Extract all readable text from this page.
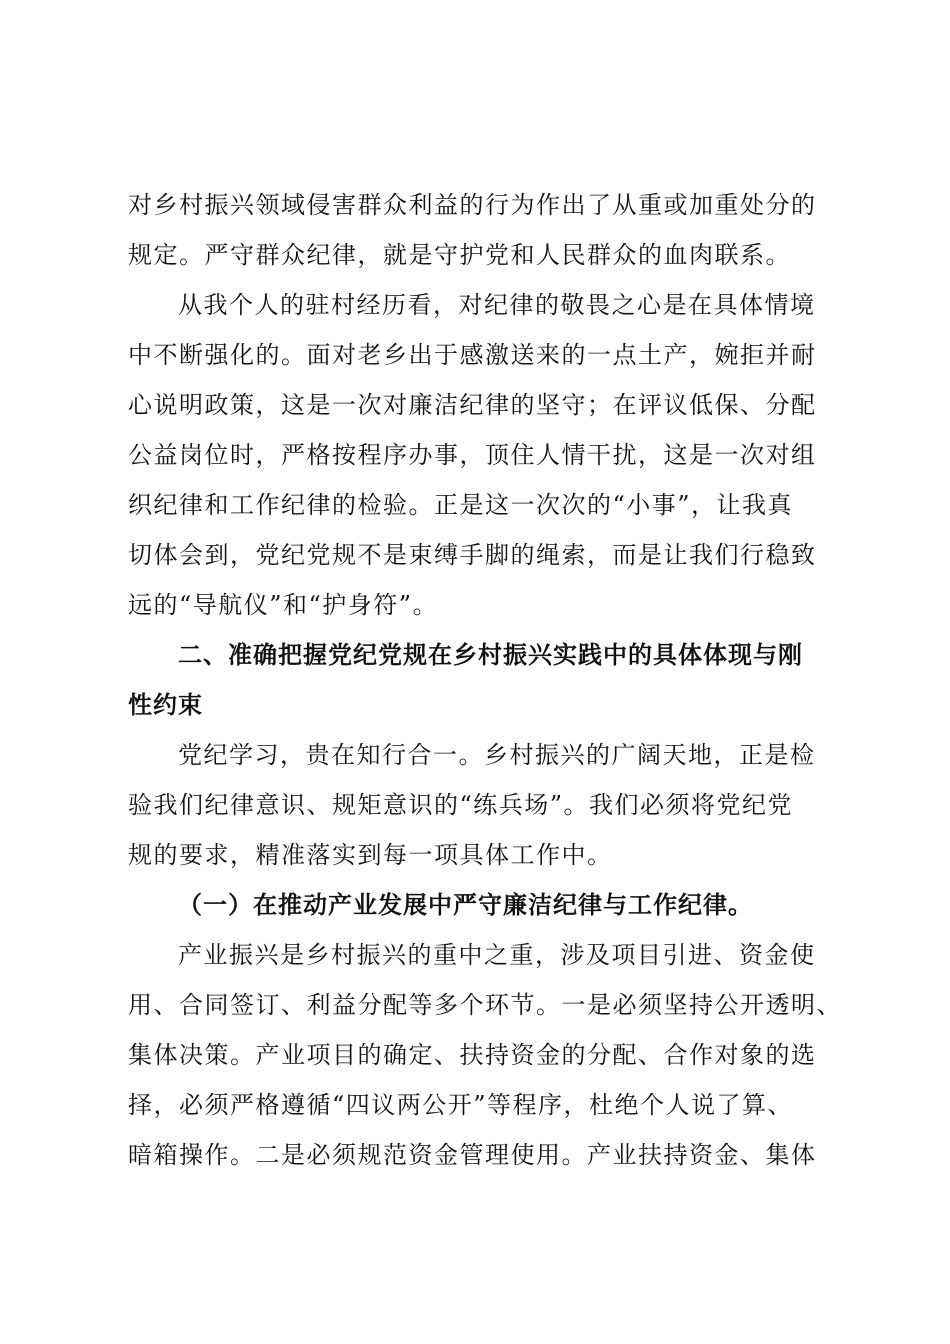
对乡村振兴领域侵害群众利益的行为作出了从重或加重处分的
规定。严守群众纪律，就是守护党和人民群众的血肉联系。
从我个人的驻村经历看，对纪律的敬畏之心是在具体情境
中不断强化的。面对老乡出于感激送来的一点土产，婉拒并耐
心说明政策，这是一次对廉洁纪律的坚守；在评议低保、分配
公益岗位时，严格按程序办事，顶住人情干扰，这是一次对组
织纪律和工作纪律的检验。正是这一次次的“小事”，让我真
切体会到，党纪党规不是束缚手脚的绳索，而是让我们行稳致
远的“导航仪”和“护身符”。
二、准确把握党纪党规在乡村振兴实践中的具体体现与刚
性约束
党纪学习，贵在知行合一。乡村振兴的广阔天地，正是检
验我们纪律意识、规矩意识的“练兵场”。我们必须将党纪党
规的要求，精准落实到每一项具体工作中。
（一）在推动产业发展中严守廉洁纪律与工作纪律。
产业振兴是乡村振兴的重中之重，涉及项目引进、资金使
用、合同签订、利益分配等多个环节。一是必须坚持公开透明、
集体决策。产业项目的确定、扶持资金的分配、合作对象的选
择，必须严格遵循“四议两公开”等程序，杜绝个人说了算、
暗箱操作。二是必须规范资金管理使用。产业扶持资金、集体
